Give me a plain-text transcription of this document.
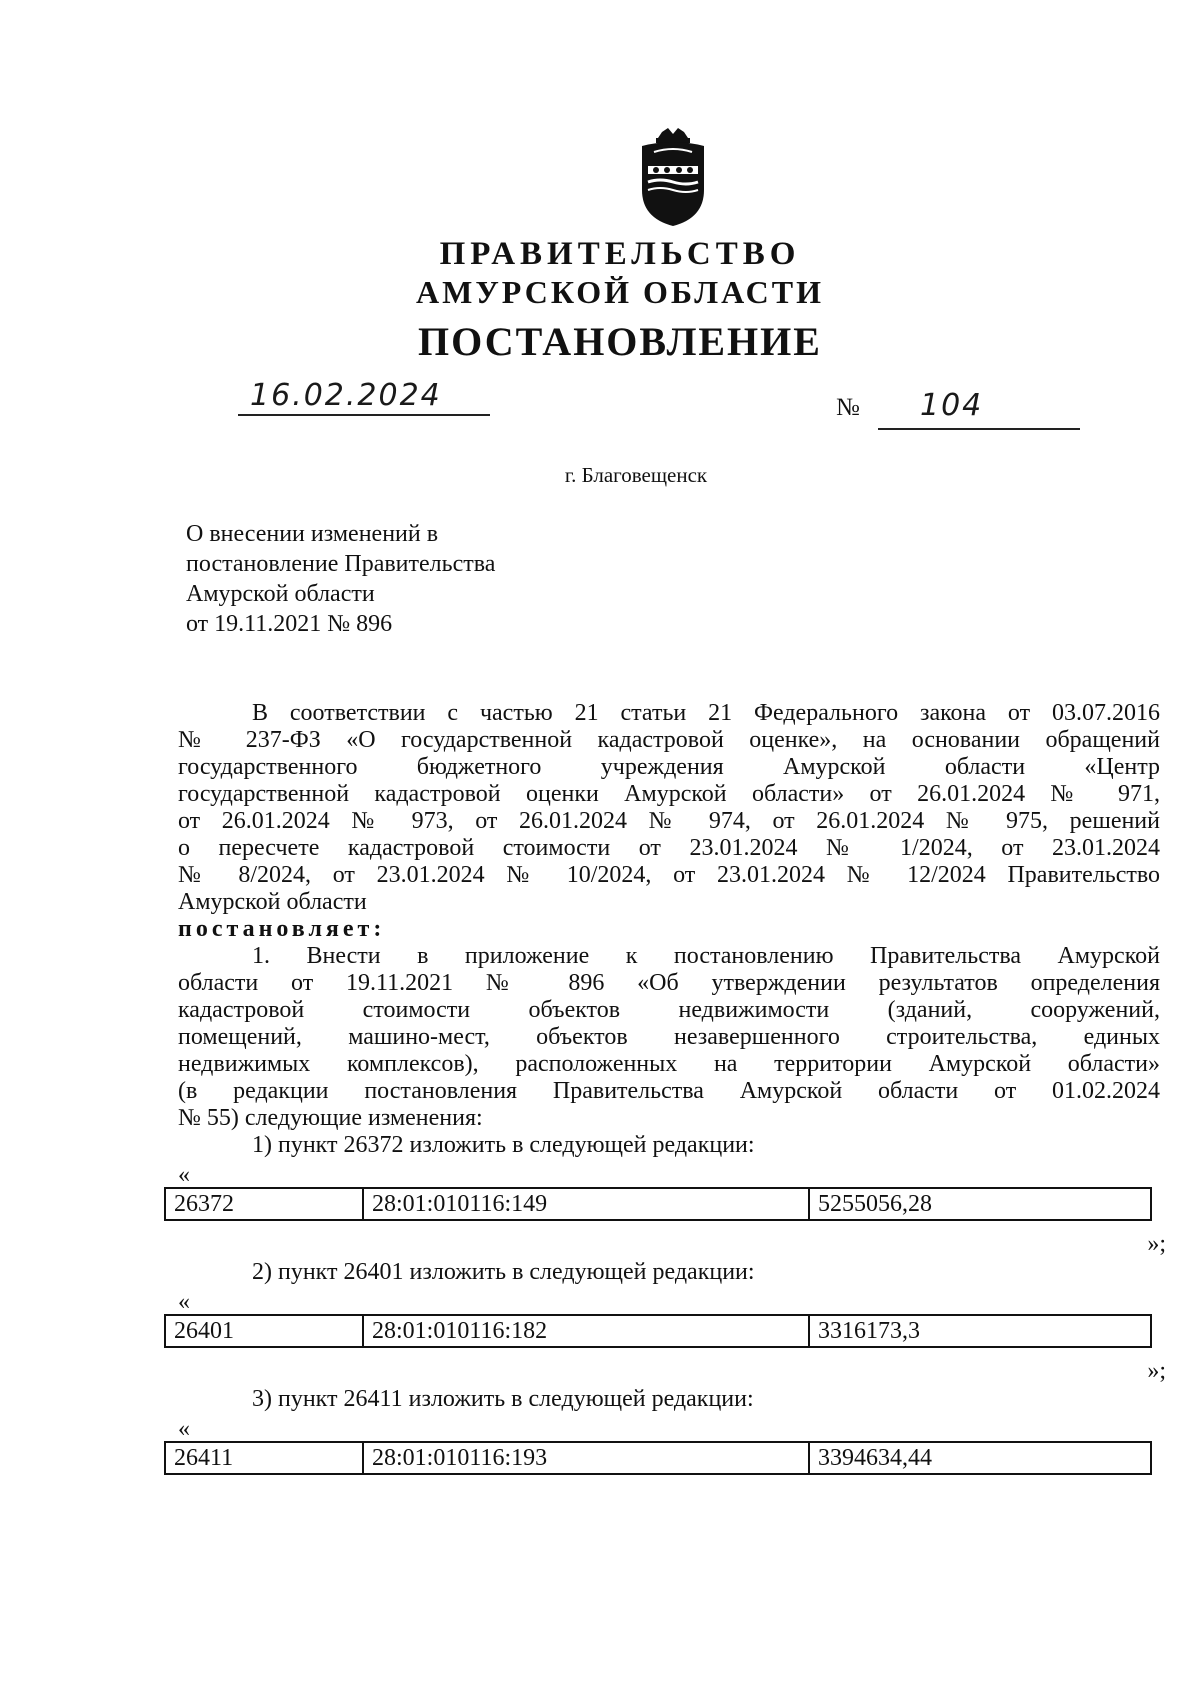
ПРАВИТЕЛЬСТВО
АМУРСКОЙ ОБЛАСТИ
ПОСТАНОВЛЕНИЕ
16.02.2024	№ 104
г. Благовещенск
О внесении изменений в
постановление Правительства
Амурской области
от 19.11.2021 № 896
В соответствии с частью 21 статьи 21 Федерального закона от 03.07.2016
№ 237-ФЗ «О государственной кадастровой оценке», на основании обращений
государственного бюджетного учреждения Амурской области «Центр
государственной кадастровой оценки Амурской области» от 26.01.2024 № 971,
от 26.01.2024 № 973, от 26.01.2024 № 974, от 26.01.2024 № 975, решений
о пересчете кадастровой стоимости от 23.01.2024 № 1/2024, от 23.01.2024
№ 8/2024, от 23.01.2024 № 10/2024, от 23.01.2024 № 12/2024 Правительство
Амурской области
постановляет:
1. Внести в приложение к постановлению Правительства Амурской
области от 19.11.2021 № 896 «Об утверждении результатов определения
кадастровой стоимости объектов недвижимости (зданий, сооружений,
помещений, машино-мест, объектов незавершенного строительства, единых
недвижимых комплексов), расположенных на территории Амурской области»
(в редакции постановления Правительства Амурской области от 01.02.2024
№ 55) следующие изменения:
1) пункт 26372 изложить в следующей редакции:
«
26372	28:01:010116:149	5255056,28
»;
2) пункт 26401 изложить в следующей редакции:
«
26401	28:01:010116:182	3316173,3
»;
3) пункт 26411 изложить в следующей редакции:
«
26411	28:01:010116:193	3394634,44
